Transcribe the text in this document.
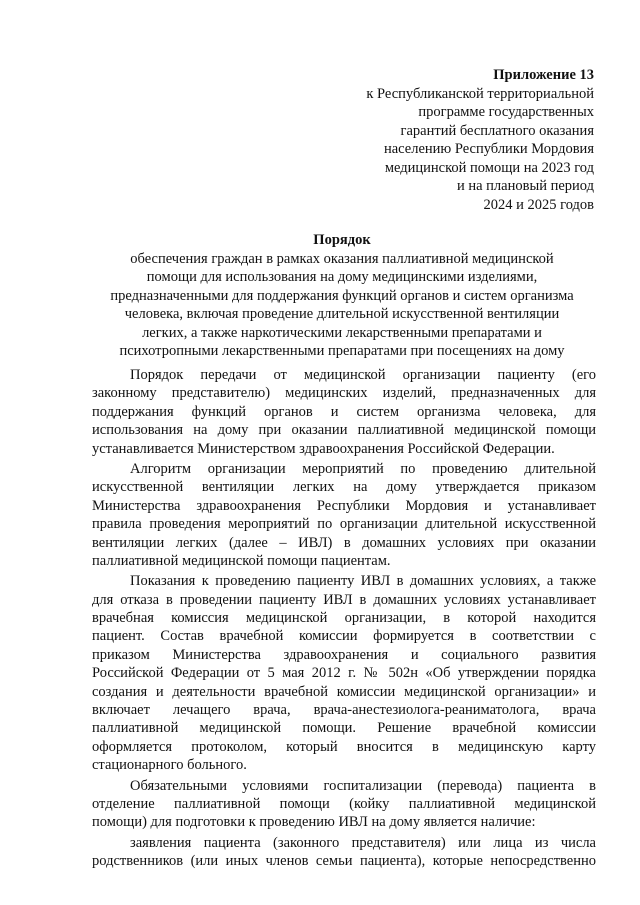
Приложение 13
к Республиканской территориальной
программе государственных
гарантий бесплатного оказания
населению Республики Мордовия
медицинской помощи на 2023 год
и на плановый период
2024 и 2025 годов
Порядок
обеспечения граждан в рамках оказания паллиативной медицинской
помощи для использования на дому медицинскими изделиями,
предназначенными для поддержания функций органов и систем организма
человека, включая проведение длительной искусственной вентиляции
легких, а также наркотическими лекарственными препаратами и
психотропными лекарственными препаратами при посещениях на дому
Порядок передачи от медицинской организации пациенту (его
законному представителю) медицинских изделий, предназначенных для
поддержания функций органов и систем организма человека, для
использования на дому при оказании паллиативной медицинской помощи
устанавливается Министерством здравоохранения Российской Федерации.
Алгоритм организации мероприятий по проведению длительной
искусственной вентиляции легких на дому утверждается приказом
Министерства здравоохранения Республики Мордовия и устанавливает
правила проведения мероприятий по организации длительной искусственной
вентиляции легких (далее – ИВЛ) в домашних условиях при оказании
паллиативной медицинской помощи пациентам.
Показания к проведению пациенту ИВЛ в домашних условиях, а также
для отказа в проведении пациенту ИВЛ в домашних условиях устанавливает
врачебная комиссия медицинской организации, в которой находится
пациент. Состав врачебной комиссии формируется в соответствии с
приказом Министерства здравоохранения и социального развития
Российской Федерации от 5 мая 2012 г. № 502н «Об утверждении порядка
создания и деятельности врачебной комиссии медицинской организации» и
включает лечащего врача, врача-анестезиолога-реаниматолога, врача
паллиативной медицинской помощи. Решение врачебной комиссии
оформляется протоколом, который вносится в медицинскую карту
стационарного больного.
Обязательными условиями госпитализации (перевода) пациента в
отделение паллиативной помощи (койку паллиативной медицинской
помощи) для подготовки к проведению ИВЛ на дому является наличие:
заявления пациента (законного представителя) или лица из числа
родственников (или иных членов семьи пациента), которые непосредственно
